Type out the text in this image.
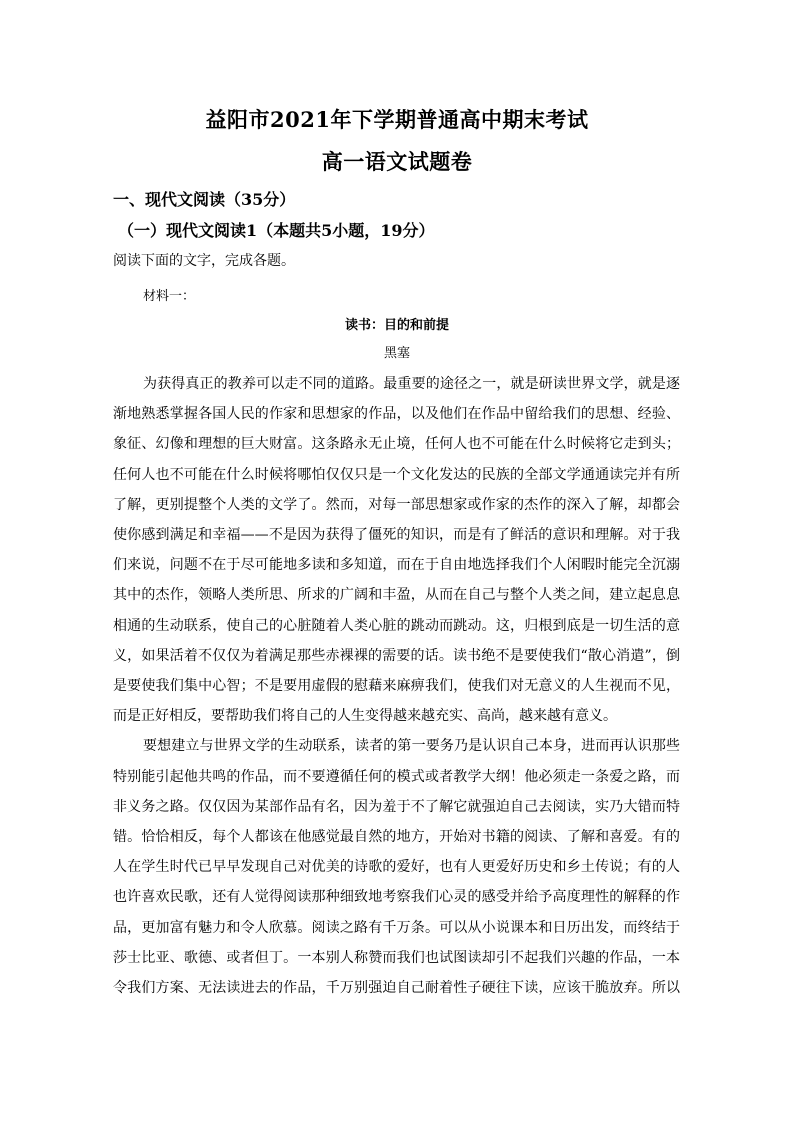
益阳市2021年下学期普通高中期末考试
高一语文试题卷
一、现代文阅读（35分）
（一）现代文阅读1（本题共5小题，19分）
阅读下面的文字，完成各题。
材料一：
读书：目的和前提
黑塞
为获得真正的教养可以走不同的道路。最重要的途径之一，就是研读世界文学，就是逐
渐地熟悉掌握各国人民的作家和思想家的作品，以及他们在作品中留给我们的思想、经验、
象征、幻像和理想的巨大财富。这条路永无止境，任何人也不可能在什么时候将它走到头；
任何人也不可能在什么时候将哪怕仅仅只是一个文化发达的民族的全部文学通通读完并有所
了解，更别提整个人类的文学了。然而，对每一部思想家或作家的杰作的深入了解，却都会
使你感到满足和幸福——不是因为获得了僵死的知识，而是有了鲜活的意识和理解。对于我
们来说，问题不在于尽可能地多读和多知道，而在于自由地选择我们个人闲暇时能完全沉溺
其中的杰作，领略人类所思、所求的广阔和丰盈，从而在自己与整个人类之间，建立起息息
相通的生动联系，使自己的心脏随着人类心脏的跳动而跳动。这，归根到底是一切生活的意
义，如果活着不仅仅为着满足那些赤裸裸的需要的话。读书绝不是要使我们“散心消遣”，倒
是要使我们集中心智；不是要用虚假的慰藉来麻痹我们，使我们对无意义的人生视而不见，
而是正好相反，要帮助我们将自己的人生变得越来越充实、高尚，越来越有意义。
要想建立与世界文学的生动联系，读者的第一要务乃是认识自己本身，进而再认识那些
特别能引起他共鸣的作品，而不要遵循任何的模式或者教学大纲！他必须走一条爱之路，而
非义务之路。仅仅因为某部作品有名，因为羞于不了解它就强迫自己去阅读，实乃大错而特
错。恰恰相反，每个人都该在他感觉最自然的地方，开始对书籍的阅读、了解和喜爱。有的
人在学生时代已早早发现自己对优美的诗歌的爱好，也有人更爱好历史和乡土传说；有的人
也许喜欢民歌，还有人觉得阅读那种细致地考察我们心灵的感受并给予高度理性的解释的作
品，更加富有魅力和令人欣慕。阅读之路有千万条。可以从小说课本和日历出发，而终结于
莎士比亚、歌德、或者但丁。一本别人称赞而我们也试图读却引不起我们兴趣的作品，一本
令我们方案、无法读进去的作品，千万别强迫自己耐着性子硬往下读，应该干脆放弃。所以
